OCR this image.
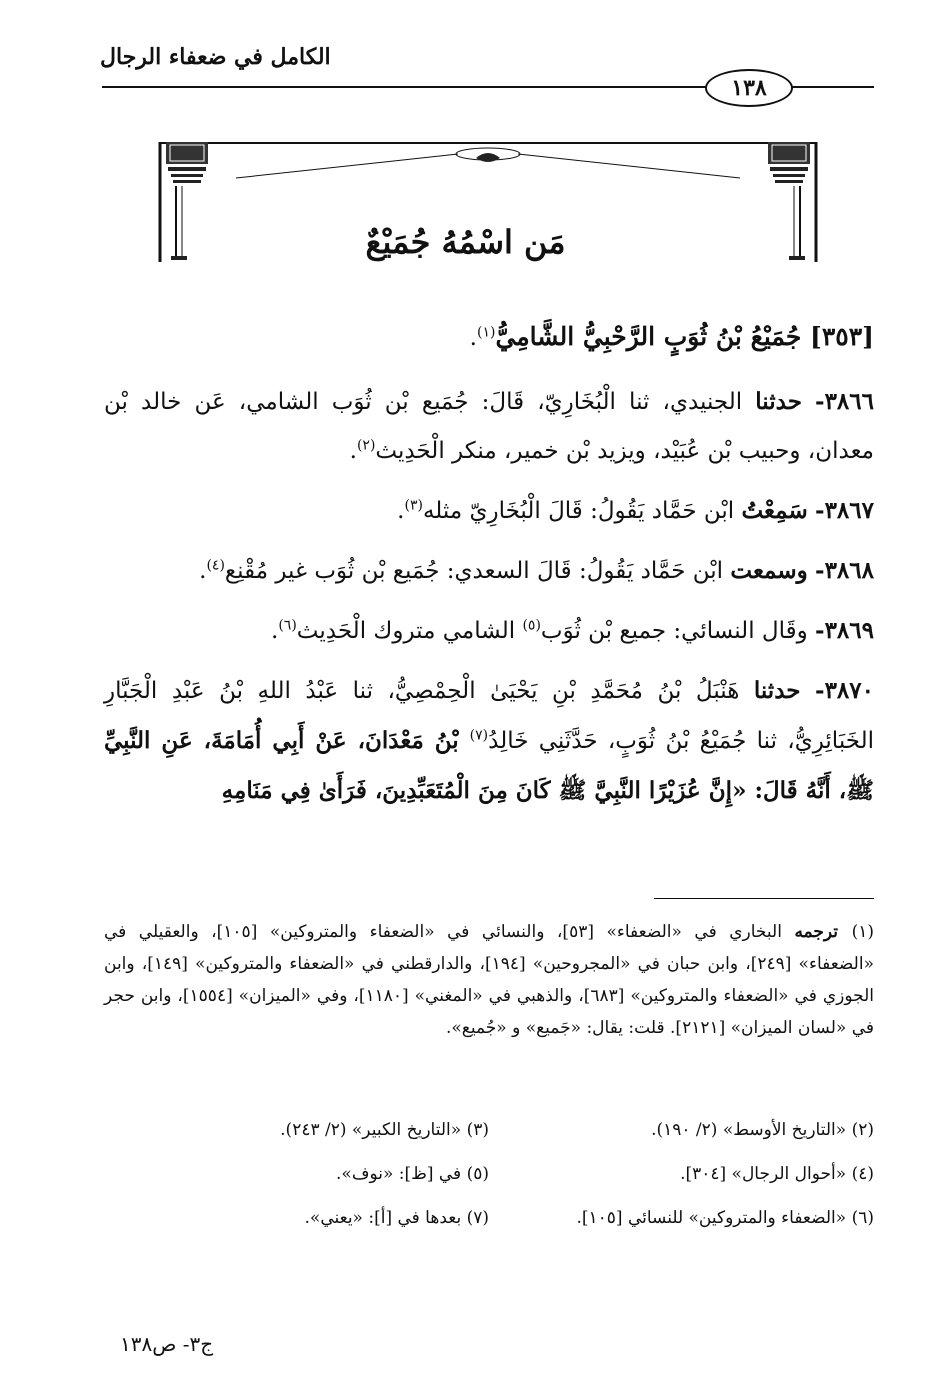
الكامل في ضعفاء الرجال
١٣٨
مَن اسْمُهُ جُمَيْعٌ

[٣٥٣] جُمَيْعُ بْنُ ثُوَبٍ الرَّحْبِيُّ الشَّامِيُّ$^{(١)}$.

٣٨٦٦- حدثنا الجنيدي، ثنا الْبُخَارِيّ، قَالَ: جُمَيع بْن ثُوَب الشامي، عَن خالد بْن معدان، وحبيب بْن عُبَيْد، ويزيد بْن خمير، منكر الْحَدِيث$^{(٢)}$.

٣٨٦٧- سَمِعْتُ ابْن حَمَّاد يَقُولُ: قَالَ الْبُخَارِيّ مثله$^{(٣)}$.

٣٨٦٨- وسمعت ابْن حَمَّاد يَقُولُ: قَالَ السعدي: جُمَيع بْن ثُوَب غير مُقْنِع$^{(٤)}$.

٣٨٦٩- وقَال النسائي: جميع بْن ثُوَب$^{(٥)}$ الشامي متروك الْحَدِيث$^{(٦)}$.

٣٨٧٠- حدثنا هَنْبَلُ بْنُ مُحَمَّدِ بْنِ يَحْيَىٰ الْحِمْصِيُّ، ثنا عَبْدُ اللهِ بْنُ عَبْدِ الْجَبَّارِ الخَبَائِرِيُّ، ثنا جُمَيْعُ بْنُ ثُوَبٍ، حَدَّثَنِي خَالِدُ$^{(٧)}$ بْنُ مَعْدَانَ، عَنْ أَبِي أُمَامَةَ، عَنِ النَّبِيِّ ﷺ، أَنَّهُ قَالَ: «إِنَّ عُزَيْرًا النَّبِيَّ ﷺ كَانَ مِنَ الْمُتَعَبِّدِينَ، فَرَأَىٰ فِي مَنَامِهِ

(١)ترجمه البخاري في «الضعفاء» [٥٣]، والنسائي في «الضعفاء والمتروكين» [١٠٥]، والعقيلي في «الضعفاء» [٢٤٩]، وابن حبان في «المجروحين» [١٩٤]، والدارقطني في «الضعفاء والمتروكين» [١٤٩]، وابن الجوزي في «الضعفاء والمتروكين» [٦٨٣]، والذهبي في «المغني» [١١٨٠]، وفي «الميزان» [١٥٥٤]، وابن حجر في «لسان الميزان» [٢١٢١]. قلت: يقال: «جَميع» و «جُميع».
(٢) «التاريخ الأوسط» (٢/ ١٩٠).
(٣) «التاريخ الكبير» (٢/ ٢٤٣).
(٤) «أحوال الرجال» [٣٠٤].
(٥) في [ظ]: «نوف».
(٦) «الضعفاء والمتروكين» للنسائي [١٠٥].
(٧) بعدها في [أ]: «يعني».
ج٣- ص١٣٨
